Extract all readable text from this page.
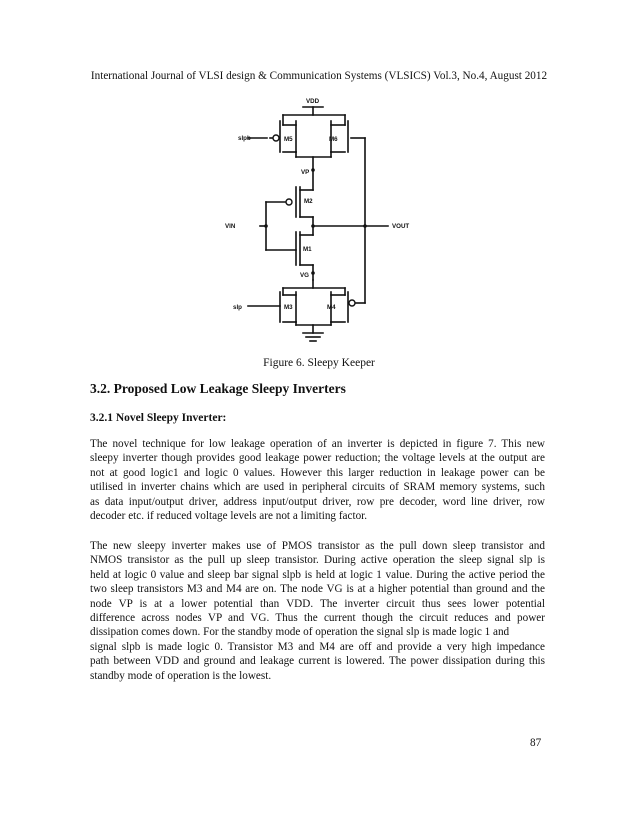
International Journal of VLSI design & Communication Systems (VLSICS) Vol.3, No.4, August 2012
VDD
slpb	M5	M6
VP
M2
VIN	VOUT
M1
VG
slp	M3	M4
Figure 6. Sleepy Keeper
3.2. Proposed Low Leakage Sleepy Inverters
3.2.1 Novel Sleepy Inverter:

The novel technique for low leakage operation of an inverter is depicted in figure 7. This new
sleepy inverter though provides good leakage power reduction; the voltage levels at the output are
not at good logic1 and logic 0 values. However this larger reduction in leakage power can be
utilised in inverter chains which are used in peripheral circuits of SRAM memory systems, such
as data input/output driver, address input/output driver, row pre decoder, word line driver, row
decoder etc. if reduced voltage levels are not a limiting factor.

The new sleepy inverter makes use of PMOS transistor as the pull down sleep transistor and
NMOS transistor as the pull up sleep transistor. During active operation the sleep signal slp is
held at logic 0 value and sleep bar signal slpb is held at logic 1 value. During the active period the
two sleep transistors M3 and M4 are on. The node VG is at a higher potential than ground and the
node VP is at a lower potential than VDD. The inverter circuit thus sees lower potential
difference across nodes VP and VG. Thus the current though the circuit reduces and power
dissipation comes down. For the standby mode of operation the signal slp is made logic 1 and
signal slpb is made logic 0. Transistor M3 and M4 are off and provide a very high impedance
path between VDD and ground and leakage current is lowered. The power dissipation during this
standby mode of operation is the lowest.

87
